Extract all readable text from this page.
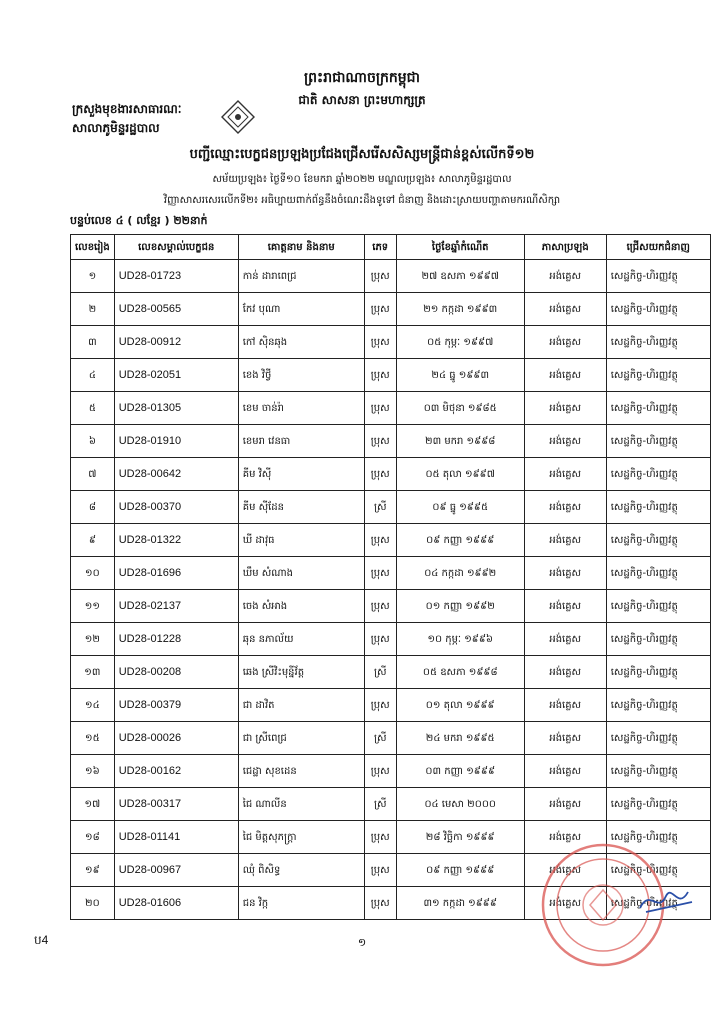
ព្រះរាជាណាចក្រកម្ពុជា
ជាតិ សាសនា ព្រះមហាក្សត្រ
ក្រសួងមុខងារសាធារណៈ
សាលាភូមិន្ទរដ្ឋបាល
បញ្ជីឈ្មោះបេក្ខជនប្រឡងប្រជែងជ្រើសរើសសិស្សមន្ត្រីជាន់ខ្ពស់លើកទី១២
សម័យប្រឡង៖ ថ្ងៃទី១០ ខែមករា ឆ្នាំ២០២២ មណ្ឌលប្រឡង៖ សាលាភូមិន្ទរដ្ឋបាល
វិញ្ញាសាសរសេរលើកទី២៖ អធិប្បាយពាក់ព័ន្ធនឹងចំណេះដឹងទូទៅ ជំនាញ និងដោះស្រាយបញ្ហាតាមករណីសិក្សា
បន្ទប់លេខ ៤ ( លខ្មែរ ) ២២នាក់
លេខរៀង	លេខសម្គាល់បេក្ខជន	គោត្តនាម និងនាម	ភេទ	ថ្ងៃខែឆ្នាំកំណើត	ភាសាប្រឡង	ជ្រើសយកជំនាញ
១	UD28-01723	កាន់ ដារាពេជ្រ	ប្រុស	២៧ ឧសភា ១៩៩៧	អង់គ្លេស	សេដ្ឋកិច្ច-ហិរញ្ញវត្ថុ
២	UD28-00565	កែវ បុណា	ប្រុស	២១ កក្កដា ១៩៩៣	អង់គ្លេស	សេដ្ឋកិច្ច-ហិរញ្ញវត្ថុ
៣	UD28-00912	កៅ ស៊ិនឆុង	ប្រុស	០៥ កុម្ភៈ ១៩៩៧	អង់គ្លេស	សេដ្ឋកិច្ច-ហិរញ្ញវត្ថុ
៤	UD28-02051	ខេង វិថ្វី	ប្រុស	២៤ ធ្នូ ១៩៩៣	អង់គ្លេស	សេដ្ឋកិច្ច-ហិរញ្ញវត្ថុ
៥	UD28-01305	ខេម ចាន់រ៉ា	ប្រុស	០៣ មិថុនា ១៩៨៥	អង់គ្លេស	សេដ្ឋកិច្ច-ហិរញ្ញវត្ថុ
៦	UD28-01910	ខេមរា វេនធា	ប្រុស	២៣ មករា ១៩៩៨	អង់គ្លេស	សេដ្ឋកិច្ច-ហិរញ្ញវត្ថុ
៧	UD28-00642	គីម វិស៊ី	ប្រុស	០៥ តុលា ១៩៩៧	អង់គ្លេស	សេដ្ឋកិច្ច-ហិរញ្ញវត្ថុ
៨	UD28-00370	គីម ស៊ីដែន	ស្រី	០៩ ធ្នូ ១៩៩៥	អង់គ្លេស	សេដ្ឋកិច្ច-ហិរញ្ញវត្ថុ
៩	UD28-01322	ឃី ដាវុធ	ប្រុស	០៩ កញ្ញា ១៩៩៩	អង់គ្លេស	សេដ្ឋកិច្ច-ហិរញ្ញវត្ថុ
១០	UD28-01696	ឃឹម សំណាង	ប្រុស	០៤ កក្កដា ១៩៩២	អង់គ្លេស	សេដ្ឋកិច្ច-ហិរញ្ញវត្ថុ
១១	UD28-02137	ចេង សំអាង	ប្រុស	០១ កញ្ញា ១៩៩២	អង់គ្លេស	សេដ្ឋកិច្ច-ហិរញ្ញវត្ថុ
១២	UD28-01228	ឆុន នភាល័យ	ប្រុស	១០ កុម្ភៈ ១៩៩៦	អង់គ្លេស	សេដ្ឋកិច្ច-ហិរញ្ញវត្ថុ
១៣	UD28-00208	ឆេង ស្រីវិះមុន្នីវ័ត្ត	ស្រី	០៥ ឧសភា ១៩៩៨	អង់គ្លេស	សេដ្ឋកិច្ច-ហិរញ្ញវត្ថុ
១៤	UD28-00379	ជា ដាវិត	ប្រុស	០១ តុលា ១៩៩៩	អង់គ្លេស	សេដ្ឋកិច្ច-ហិរញ្ញវត្ថុ
១៥	UD28-00026	ជា ស្រីពេជ្រ	ស្រី	២៤ មករា ១៩៩៥	អង់គ្លេស	សេដ្ឋកិច្ច-ហិរញ្ញវត្ថុ
១៦	UD28-00162	ជេដ្ឋា សុខដេន	ប្រុស	០៣ កញ្ញា ១៩៩៩	អង់គ្លេស	សេដ្ឋកិច្ច-ហិរញ្ញវត្ថុ
១៧	UD28-00317	ជៃ ណាលីន	ស្រី	០៤ មេសា ២០០០	អង់គ្លេស	សេដ្ឋកិច្ច-ហិរញ្ញវត្ថុ
១៨	UD28-01141	ជៃ មិត្តសុភក្រ្តា	ប្រុស	២៨ វិច្ឆិកា ១៩៩៩	អង់គ្លេស	សេដ្ឋកិច្ច-ហិរញ្ញវត្ថុ
១៩	UD28-00967	ឈុំ ពិសិទ្ធ	ប្រុស	០៩ កញ្ញា ១៩៩៩	អង់គ្លេស	សេដ្ឋកិច្ច-ហិរញ្ញវត្ថុ
២០	UD28-01606	ជន វិក្ក	ប្រុស	៣១ កក្កដា ១៩៩៩	អង់គ្លេស	សេដ្ឋកិច្ច-ហិរញ្ញវត្ថុ
ប4	១
